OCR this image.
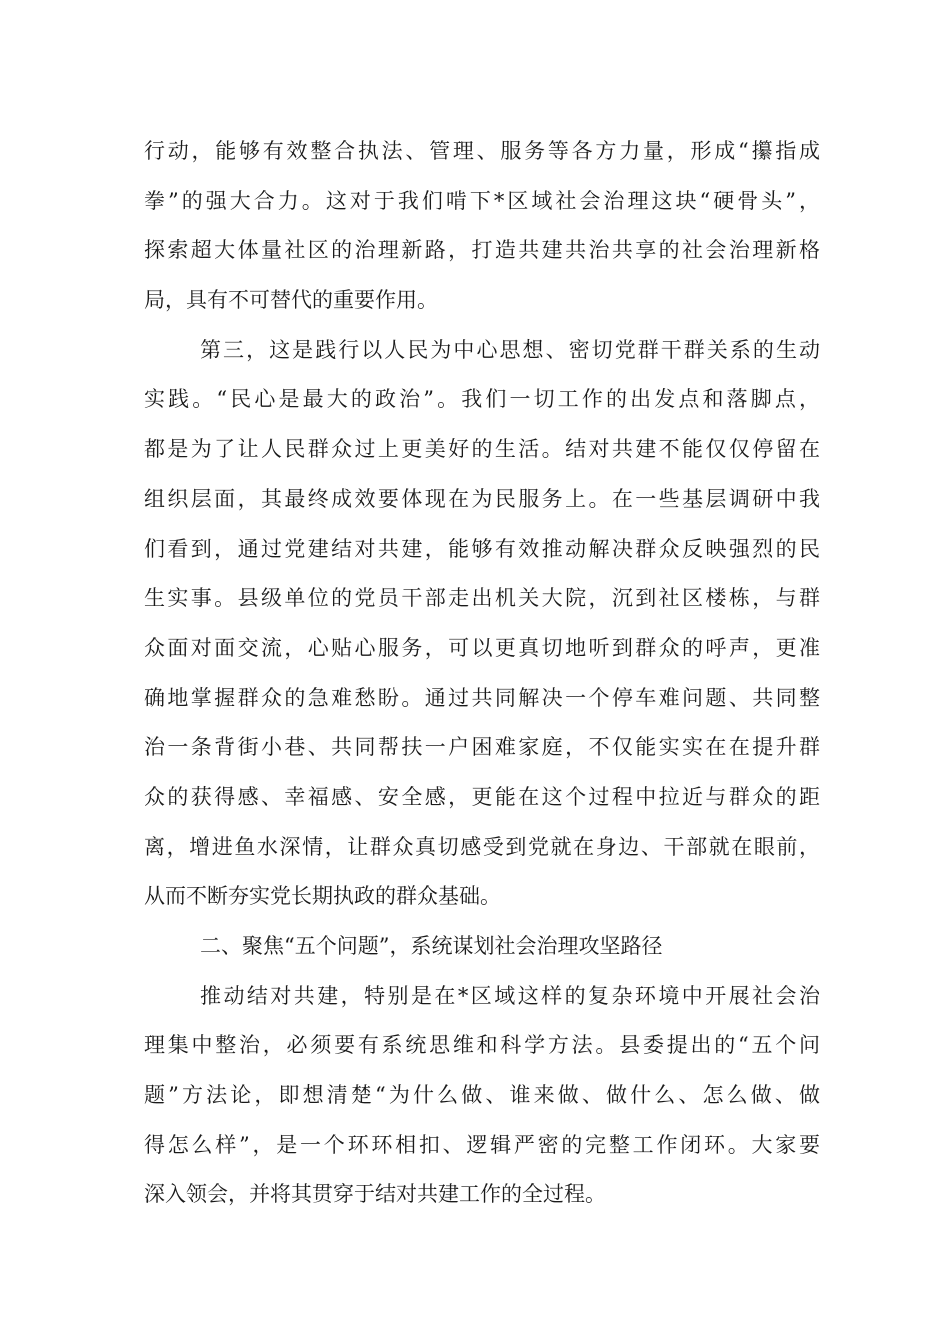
行动，能够有效整合执法、管理、服务等各方力量，形成“攥指成
拳”的强大合力。这对于我们啃下*区域社会治理这块“硬骨头”，
探索超大体量社区的治理新路，打造共建共治共享的社会治理新格
局，具有不可替代的重要作用。
第三，这是践行以人民为中心思想、密切党群干群关系的生动
实践。“民心是最大的政治”。我们一切工作的出发点和落脚点，
都是为了让人民群众过上更美好的生活。结对共建不能仅仅停留在
组织层面，其最终成效要体现在为民服务上。在一些基层调研中我
们看到，通过党建结对共建，能够有效推动解决群众反映强烈的民
生实事。县级单位的党员干部走出机关大院，沉到社区楼栋，与群
众面对面交流，心贴心服务，可以更真切地听到群众的呼声，更准
确地掌握群众的急难愁盼。通过共同解决一个停车难问题、共同整
治一条背街小巷、共同帮扶一户困难家庭，不仅能实实在在提升群
众的获得感、幸福感、安全感，更能在这个过程中拉近与群众的距
离，增进鱼水深情，让群众真切感受到党就在身边、干部就在眼前，
从而不断夯实党长期执政的群众基础。
二、聚焦“五个问题”，系统谋划社会治理攻坚路径
推动结对共建，特别是在*区域这样的复杂环境中开展社会治
理集中整治，必须要有系统思维和科学方法。县委提出的“五个问
题”方法论，即想清楚“为什么做、谁来做、做什么、怎么做、做
得怎么样”，是一个环环相扣、逻辑严密的完整工作闭环。大家要
深入领会，并将其贯穿于结对共建工作的全过程。
